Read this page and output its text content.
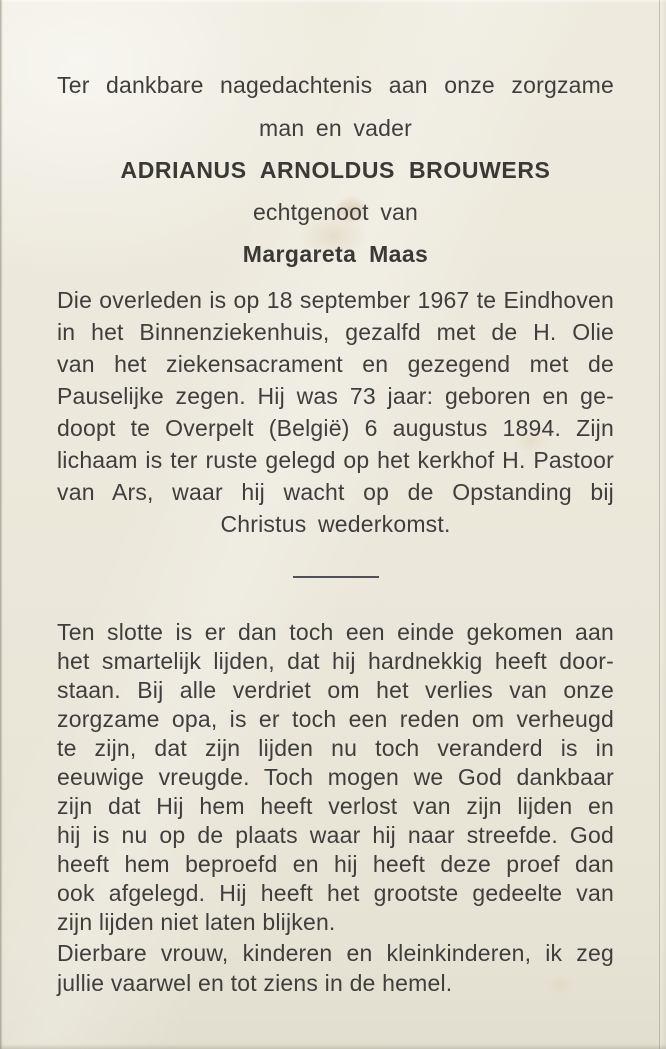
Ter dankbare nagedachtenis aan onze zorgzame
man en vader
ADRIANUS ARNOLDUS BROUWERS
echtgenoot van
Margareta Maas
Die overleden is op 18 september 1967 te Eindhoven
in het Binnenziekenhuis, gezalfd met de H. Olie
van het ziekensacrament en gezegend met de
Pauselijke zegen. Hij was 73 jaar: geboren en ge-
doopt te Overpelt (België) 6 augustus 1894. Zijn
lichaam is ter ruste gelegd op het kerkhof H. Pastoor
van Ars, waar hij wacht op de Opstanding bij
Christus wederkomst.
Ten slotte is er dan toch een einde gekomen aan
het smartelijk lijden, dat hij hardnekkig heeft door-
staan. Bij alle verdriet om het verlies van onze
zorgzame opa, is er toch een reden om verheugd
te zijn, dat zijn lijden nu toch veranderd is in
eeuwige vreugde. Toch mogen we God dankbaar
zijn dat Hij hem heeft verlost van zijn lijden en
hij is nu op de plaats waar hij naar streefde. God
heeft hem beproefd en hij heeft deze proef dan
ook afgelegd. Hij heeft het grootste gedeelte van
zijn lijden niet laten blijken.
Dierbare vrouw, kinderen en kleinkinderen, ik zeg
jullie vaarwel en tot ziens in de hemel.
